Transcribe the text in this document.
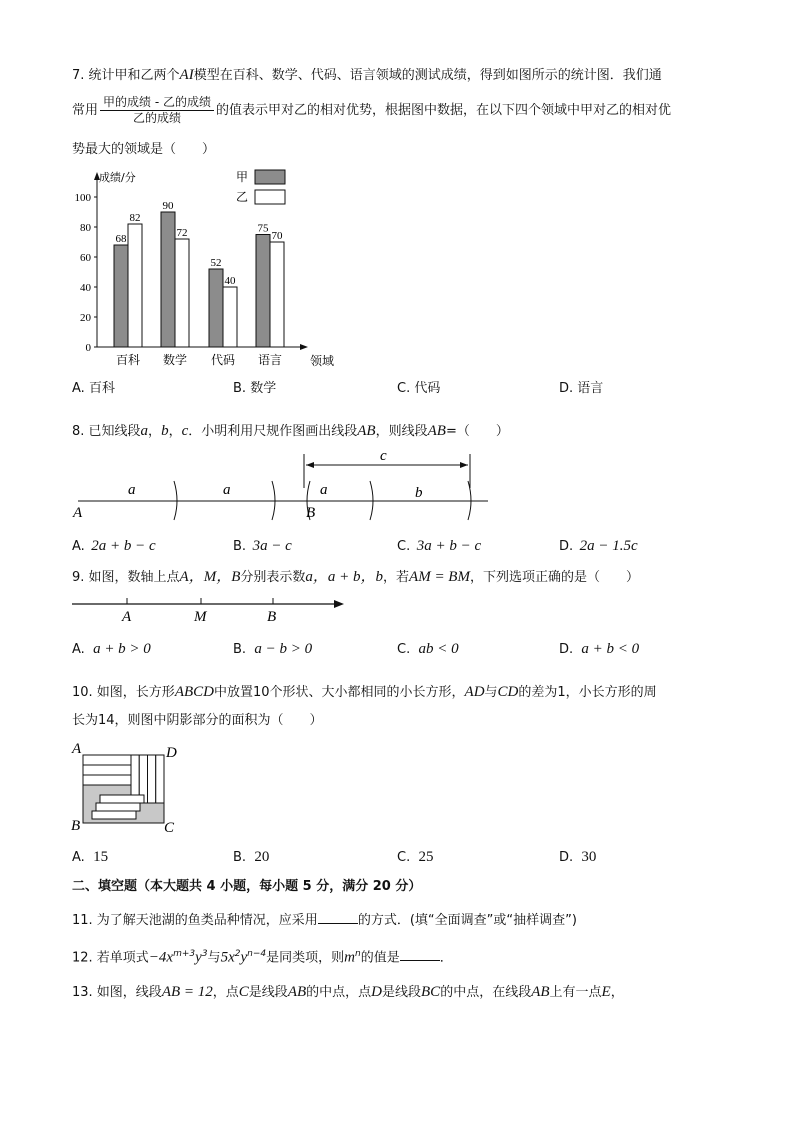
7. 统计甲和乙两个AI模型在百科、数学、代码、语言领域的测试成绩，得到如图所示的统计图．我们通
常用 $\frac{\text{甲的成绩 - 乙的成绩}}{\text{乙的成绩}}$ 的值表示甲对乙的相对优势，根据图中数据，在以下四个领域中甲对乙的相对优
势最大的领域是（　　）
0
20
40
60
80
100
成绩/分
领域
68
82
百科
90
72
数学
52
40
代码
75
70
语言
甲
乙
A. 百科	B. 数学	C. 代码	D. 语言
8. 已知线段a，b，c．小明利用尺规作图画出线段AB，则线段AB=（　　）
a	a	a	b
c
A	B
A. 2a + b − c	B. 3a − c	C. 3a + b − c	D. 2a − 1.5c
9. 如图，数轴上点A，M，B分别表示数a，a + b，b，若AM = BM，下列选项正确的是（　　）
A	M	B
A. a + b > 0	B. a − b > 0	C. ab < 0	D. a + b < 0
10. 如图，长方形ABCD中放置10个形状、大小都相同的小长方形，AD与CD的差为1，小长方形的周
长为14，则图中阴影部分的面积为（　　）
A	D
B	C
A. 15	B. 20	C. 25	D. 30
二、填空题（本大题共 4 小题，每小题 5 分，满分 20 分）
11. 为了解天池湖的鱼类品种情况，应采用	的方式．(填“全面调查”或“抽样调查”)
12. 若单项式$-4x^{m+3}y^3$与$5x^2y^{n-4}$是同类项，则$m^n$的值是	．
13. 如图，线段AB = 12，点C是线段AB的中点，点D是线段BC的中点，在线段AB上有一点E，
